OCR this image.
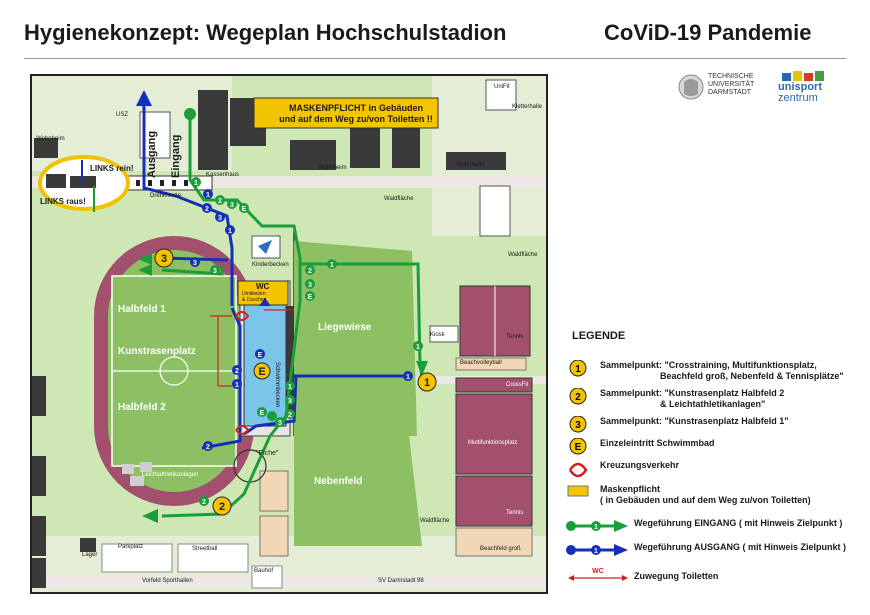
Hygienekonzept: Wegeplan Hochschulstadion	CoViD-19 Pandemie
TECHNISCHE
UNIVERSITÄT
DARMSTADT unisport
zentrum
1
1
2
2
3
3
E
1
3
3
1
2
3
E
1
1
2
1
E
1
3
2
E
3
2
2
3
1
2
E
MASKENPFLICHT in Gebäuden
und auf dem Weg zu/von Toiletten !!
USZ
Ausgang Eingang
Wohnheim
Wohnheim	Wohnheim
UniFit
Kletterhalle
Kassenhaus
Drehkreuze
LINKS rein!
LINKS raus!	Waldfläche
Waldfläche
Waldfläche
Kinderbecken
WC
Umkleiden
& Duschen
Halbfeld 1
Kunstrasenplatz
Halbfeld 2
Liegewiese
Nebenfeld
Kiosk	Tennis
Beachvolleyball
CrossFit
Multifunktionsplatz
Tennis
Beachfeld groß
"Eiche"
Leichtathletikanlagen
Lager
Parkplatz	Streetball
Vorfeld Sporthallen
Bauhof
SV Darmstadt 98
Schwimmbecken
LEGENDE
1 Sammelpunkt: "Crosstraining, Multifunktionsplatz,
Beachfeld groß, Nebenfeld & Tennisplätze"
2 Sammelpunkt: "Kunstrasenplatz Halbfeld 2
& Leichtathletikanlagen"
3 Sammelpunkt: "Kunstrasenplatz Halbfeld 1"
E Einzeleintritt Schwimmbad
Kreuzungsverkehr
Maskenpflicht
( in Gebäuden und auf dem Weg zu/von Toiletten)
1	Wegeführung EINGANG ( mit Hinweis Zielpunkt )
1	Wegeführung AUSGANG ( mit Hinweis Zielpunkt )
WC	Zuwegung Toiletten
